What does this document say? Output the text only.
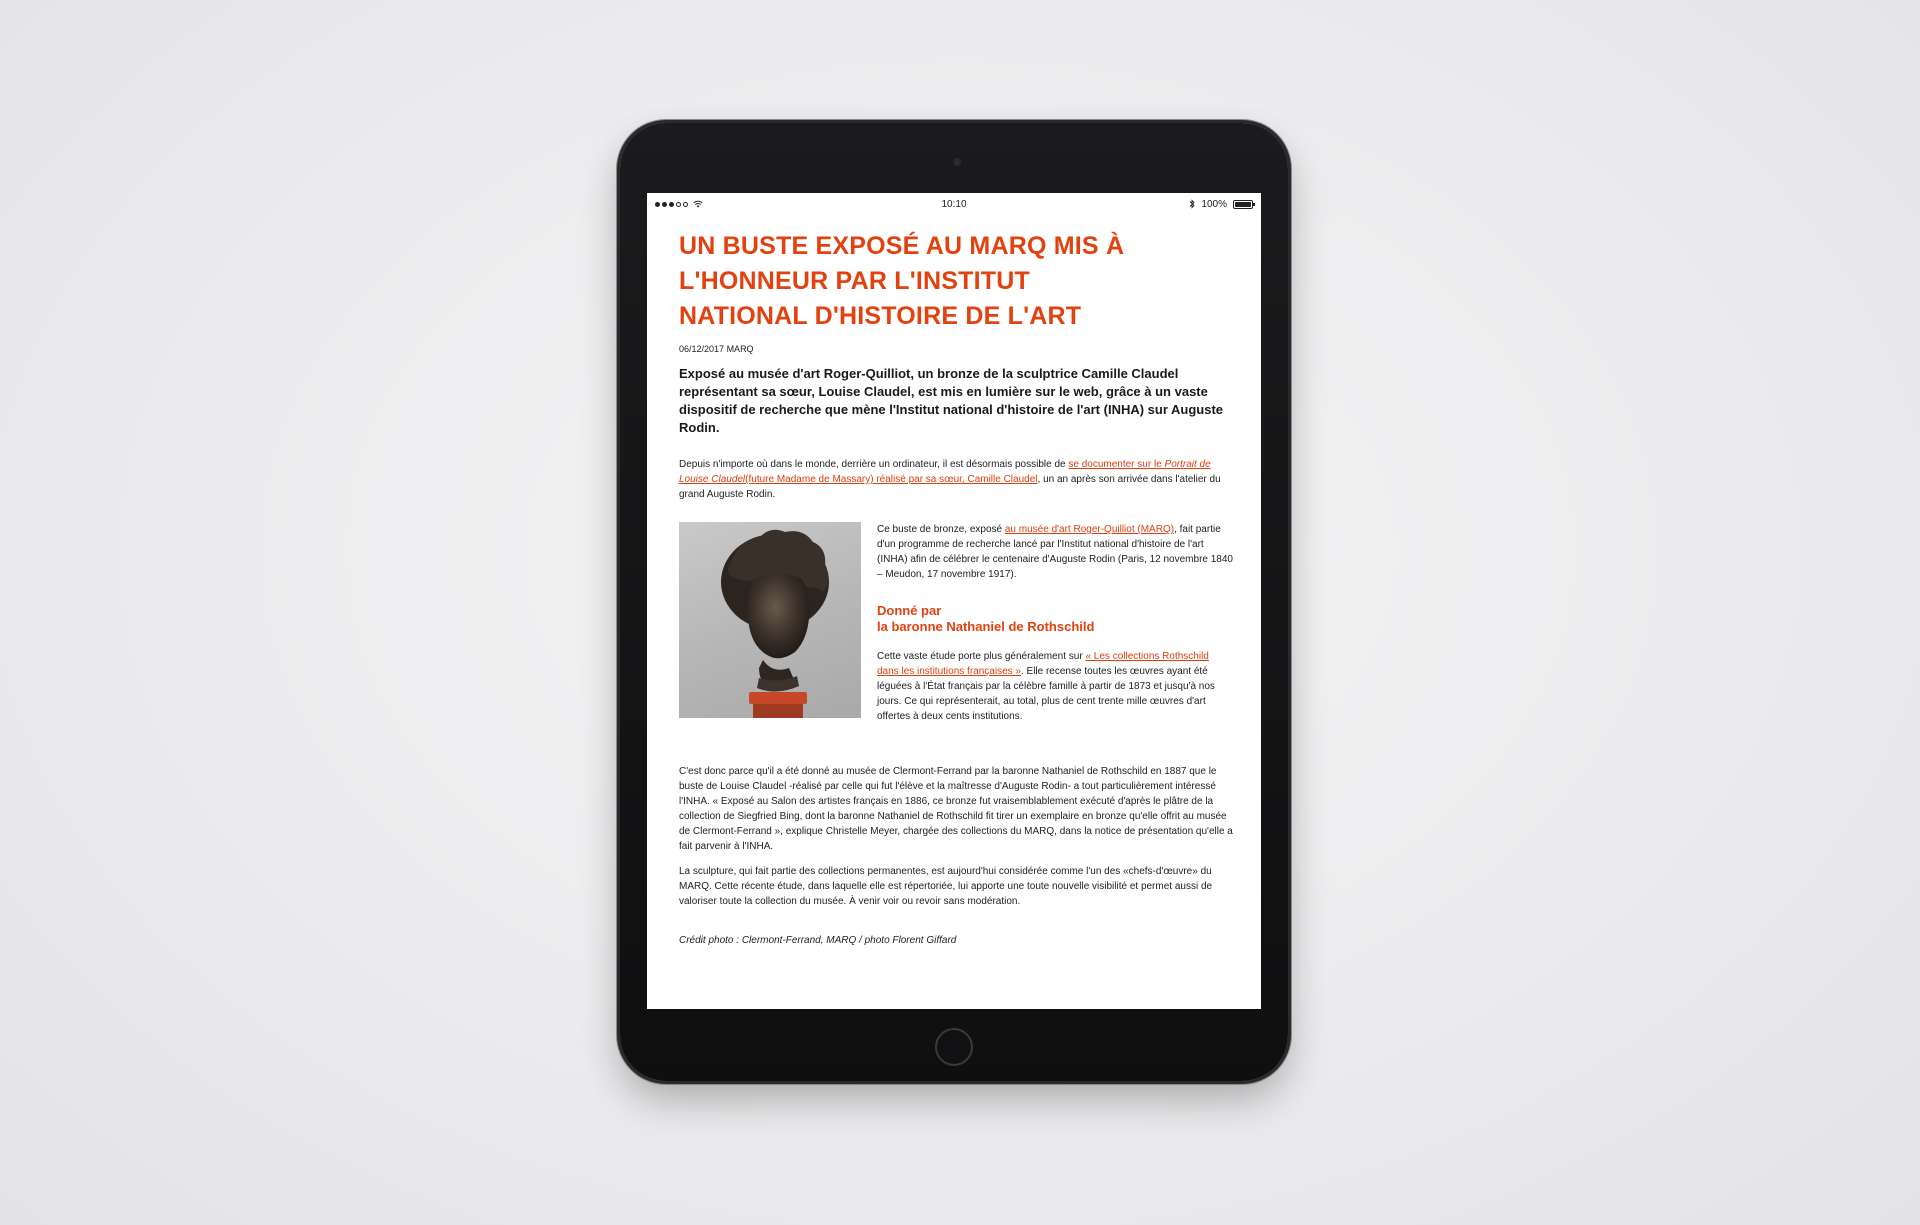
10:10	100%
UN BUSTE EXPOSÉ AU MARQ MIS À
L'HONNEUR PAR L'INSTITUT
NATIONAL D'HISTOIRE DE L'ART
06/12/2017 MARQ

Exposé au musée d'art Roger-Quilliot, un bronze de la sculptrice Camille Claudel représentant sa sœur, Louise Claudel, est mis en lumière sur le web, grâce à un vaste dispositif de recherche que mène l'Institut national d'histoire de l'art (INHA) sur Auguste Rodin.

Depuis n'importe où dans le monde, derrière un ordinateur, il est désormais possible de se documenter sur le Portrait de Louise Claudel(future Madame de Massary) réalisé par sa sœur, Camille Claudel, un an après son arrivée dans l'atelier du grand Auguste Rodin.

Ce buste de bronze, exposé au musée d'art Roger-Quilliot (MARQ), fait partie d'un programme de recherche lancé par l'Institut national d'histoire de l'art (INHA) afin de célébrer le centenaire d'Auguste Rodin (Paris, 12 novembre 1840 – Meudon, 17 novembre 1917).

Donné par
la baronne Nathaniel de Rothschild

Cette vaste étude porte plus généralement sur « Les collections Rothschild dans les institutions françaises ». Elle recense toutes les œuvres ayant été léguées à l'État français par la célèbre famille à partir de 1873 et jusqu'à nos jours. Ce qui représenterait, au total, plus de cent trente mille œuvres d'art offertes à deux cents institutions.

C'est donc parce qu'il a été donné au musée de Clermont-Ferrand par la baronne Nathaniel de Rothschild en 1887 que le buste de Louise Claudel -réalisé par celle qui fut l'élève et la maîtresse d'Auguste Rodin- a tout particulièrement intéressé l'INHA. « Exposé au Salon des artistes français en 1886, ce bronze fut vraisemblablement exécuté d'après le plâtre de la collection de Siegfried Bing, dont la baronne Nathaniel de Rothschild fit tirer un exemplaire en bronze qu'elle offrit au musée de Clermont-Ferrand », explique Christelle Meyer, chargée des collections du MARQ, dans la notice de présentation qu'elle a fait parvenir à l'INHA.

La sculpture, qui fait partie des collections permanentes, est aujourd'hui considérée comme l'un des «chefs-d'œuvre» du MARQ. Cette récente étude, dans laquelle elle est répertoriée, lui apporte une toute nouvelle visibilité et permet aussi de valoriser toute la collection du musée. À venir voir ou revoir sans modération.

Crédit photo : Clermont-Ferrand, MARQ / photo Florent Giffard
